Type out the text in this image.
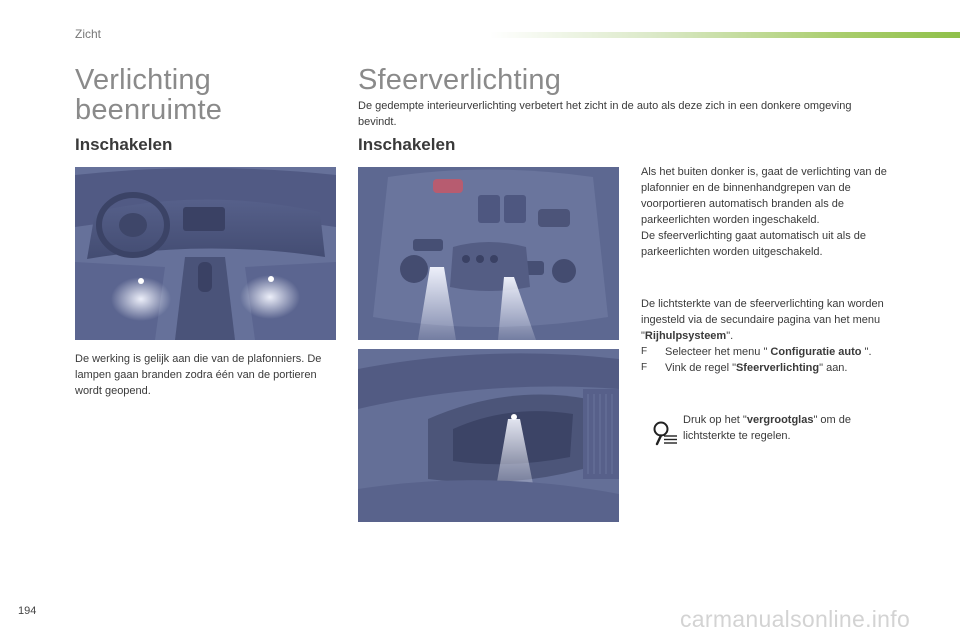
Zicht
Verlichting beenruimte
Sfeerverlichting
De gedempte interieurverlichting verbetert het zicht in de auto als deze zich in een donkere omgeving bevindt.
Inschakelen	Inschakelen
De werking is gelijk aan die van de plafonniers. De lampen gaan branden zodra één van de portieren wordt geopend.
Als het buiten donker is, gaat de verlichting van de plafonnier en de binnenhandgrepen van de voorportieren automatisch branden als de parkeerlichten worden ingeschakeld.
De sfeerverlichting gaat automatisch uit als de parkeerlichten worden uitgeschakeld.
De lichtsterkte van de sfeerverlichting kan worden ingesteld via de secundaire pagina van het menu "Rijhulpsysteem".
F Selecteer het menu " Configuratie auto ".
F Vink de regel "Sfeerverlichting" aan.
Druk op het "vergrootglas" om de lichtsterkte te regelen.
194	carmanualsonline.info
